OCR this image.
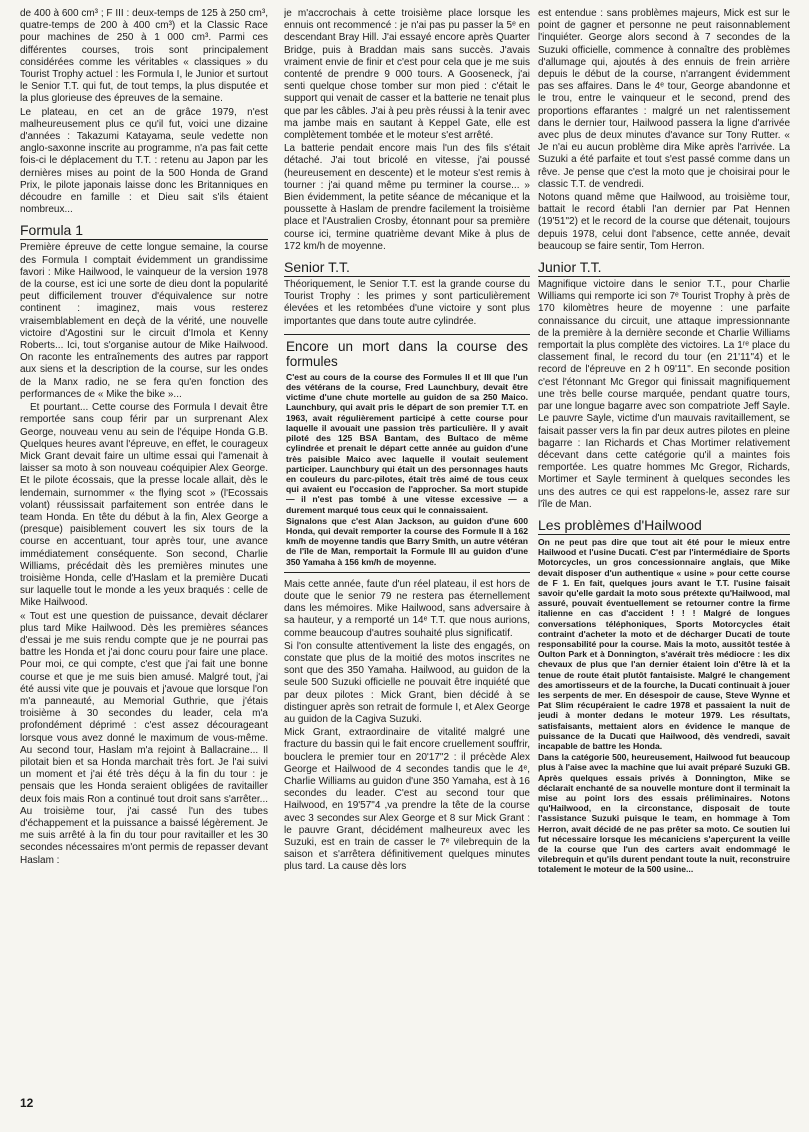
de 400 à 600 cm³ ; F III : deux-temps de 125 à 250 cm³, quatre-temps de 200 à 400 cm³) et la Classic Race pour machines de 250 à 1 000 cm³. Parmi ces différentes courses, trois sont principalement considérées comme les véritables « classiques » du Tourist Trophy actuel : les Formula I, le Junior et surtout le Senior T.T. qui fut, de tout temps, la plus disputée et la plus glorieuse des épreuves de la semaine.

Le plateau, en cet an de grâce 1979, n'est malheureusement plus ce qu'il fut, voici une dizaine d'années : Takazumi Katayama, seule vedette non anglo-saxonne inscrite au programme, n'a pas fait cette fois-ci le déplacement du T.T. : retenu au Japon par les dernières mises au point de la 500 Honda de Grand Prix, le pilote japonais laisse donc les Britanniques en découdre en famille : et Dieu sait s'ils étaient nombreux...

Formula 1

Première épreuve de cette longue semaine, la course des Formula I comptait évidemment un grandissime favori : Mike Hailwood, le vainqueur de la version 1978 de la course, est ici une sorte de dieu dont la popularité peut difficilement trouver d'équivalence sur notre continent : imaginez, mais vous resterez vraisemblablement en deçà de la vérité, une nouvelle victoire d'Agostini sur le circuit d'Imola et Kenny Roberts... Ici, tout s'organise autour de Mike Hailwood. On raconte les entraînements des autres par rapport aux siens et la description de la course, sur les ondes de la Manx radio, ne se fera qu'en fonction des performances de « Mike the bike »...

Et pourtant... Cette course des Formula I devait être remportée sans coup férir par un surprenant Alex George, nouveau venu au sein de l'équipe Honda G.B. Quelques heures avant l'épreuve, en effet, le courageux Mick Grant devait faire un ultime essai qui l'amenait à laisser sa moto à son nouveau coéquipier Alex George. Et le pilote écossais, que la presse locale allait, dès le lendemain, surnommer « the flying scot » (l'Ecossais volant) réussissait parfaitement son entrée dans le team Honda. En tête du début à la fin, Alex George a (presque) paisiblement couvert les six tours de la course en accentuant, tour après tour, une avance immédiatement conséquente. Son second, Charlie Williams, précédait dès les premières minutes une troisième Honda, celle d'Haslam et la première Ducati sur laquelle tout le monde a les yeux braqués : celle de Mike Hailwood.

« Tout est une question de puissance, devait déclarer plus tard Mike Hailwood. Dès les premières séances d'essai je me suis rendu compte que je ne pourrai pas battre les Honda et j'ai donc couru pour faire une place. Pour moi, ce qui compte, c'est que j'ai fait une bonne course et que je me suis bien amusé. Malgré tout, j'ai été aussi vite que je pouvais et j'avoue que lorsque l'on m'a panneauté, au Memorial Guthrie, que j'étais troisième à 30 secondes du leader, cela m'a profondément déprimé : c'est assez décourageant lorsque vous avez donné le maximum de vous-même. Au second tour, Haslam m'a rejoint à Ballacraine... Il pilotait bien et sa Honda marchait très fort. Je l'ai suivi un moment et j'ai été très déçu à la fin du tour : je pensais que les Honda seraient obligées de ravitailler deux fois mais Ron a continué tout droit sans s'arrêter... Au troisième tour, j'ai cassé l'un des tubes d'échappement et la puissance a baissé légèrement. Je me suis arrêté à la fin du tour pour ravitailler et les 30 secondes nécessaires m'ont permis de repasser devant Haslam :

je m'accrochais à cette troisième place lorsque les ennuis ont recommencé : je n'ai pas pu passer la 5ᵉ en descendant Bray Hill. J'ai essayé encore après Quarter Bridge, puis à Braddan mais sans succès. J'avais vraiment envie de finir et c'est pour cela que je me suis contenté de prendre 9 000 tours. A Gooseneck, j'ai senti quelque chose tomber sur mon pied : c'était le support qui venait de casser et la batterie ne tenait plus que par les câbles. J'ai à peu près réussi à la tenir avec ma jambe mais en sautant à Keppel Gate, elle est complètement tombée et le moteur s'est arrêté.

La batterie pendait encore mais l'un des fils s'était détaché. J'ai tout bricolé en vitesse, j'ai poussé (heureusement en descente) et le moteur s'est remis à tourner : j'ai quand même pu terminer la course... » Bien évidemment, la petite séance de mécanique et la poussette à Haslam de prendre facilement la troisième place et l'Australien Crosby, étonnant pour sa première course ici, termine quatrième devant Mike à plus de 172 km/h de moyenne.

Senior T.T.

Théoriquement, le Senior T.T. est la grande course du Tourist Trophy : les primes y sont particulièrement élevées et les retombées d'une victoire y sont plus importantes que dans toute autre cylindrée.

Encore un mort dans la course des formules

C'est au cours de la course des Formules II et III que l'un des vétérans de la course, Fred Launchbury, devait être victime d'une chute mortelle au guidon de sa 250 Maico. Launchbury, qui avait pris le départ de son premier T.T. en 1963, avait régulièrement participé à cette course pour laquelle il avouait une passion très particulière. Il y avait piloté des 125 BSA Bantam, des Bultaco de même cylindrée et prenait le départ cette année au guidon d'une très paisible Maico avec laquelle il voulait seulement participer. Launchbury qui était un des personnages hauts en couleurs du parc-pilotes, était très aimé de tous ceux qui avaient eu l'occasion de l'approcher. Sa mort stupide — il n'est pas tombé à une vitesse excessive — a durement marqué tous ceux qui le connaissaient.

Signalons que c'est Alan Jackson, au guidon d'une 600 Honda, qui devait remporter la course des Formule II à 162 km/h de moyenne tandis que Barry Smith, un autre vétéran de l'île de Man, remportait la Formule III au guidon d'une 350 Yamaha à 156 km/h de moyenne.

Mais cette année, faute d'un réel plateau, il est hors de doute que le senior 79 ne restera pas éternellement dans les mémoires. Mike Hailwood, sans adversaire à sa hauteur, y a remporté un 14ᵉ T.T. que nous aurions, comme beaucoup d'autres souhaité plus significatif.

Si l'on consulte attentivement la liste des engagés, on constate que plus de la moitié des motos inscrites ne sont que des 350 Yamaha. Hailwood, au guidon de la seule 500 Suzuki officielle ne pouvait être inquiété que par deux pilotes : Mick Grant, bien décidé à se distinguer après son retrait de formule I, et Alex George au guidon de la Cagiva Suzuki.

Mick Grant, extraordinaire de vitalité malgré une fracture du bassin qui le fait encore cruellement souffrir, bouclera le premier tour en 20'17"2 : il précède Alex George et Hailwood de 4 secondes tandis que le 4ᵉ, Charlie Williams au guidon d'une 350 Yamaha, est à 16 secondes du leader. C'est au second tour que Hailwood, en 19'57"4 ,va prendre la tête de la course avec 3 secondes sur Alex George et 8 sur Mick Grant : le pauvre Grant, décidément malheureux avec les Suzuki, est en train de casser le 7ᵉ vilebrequin de la saison et s'arrêtera définitivement quelques minutes plus tard. La cause dès lors

est entendue : sans problèmes majeurs, Mick est sur le point de gagner et personne ne peut raisonnablement l'inquiéter. George alors second à 7 secondes de la Suzuki officielle, commence à connaître des problèmes d'allumage qui, ajoutés à des ennuis de frein arrière depuis le début de la course, n'arrangent évidemment pas ses affaires. Dans le 4ᵉ tour, George abandonne et le trou, entre le vainqueur et le second, prend des proportions effarantes : malgré un net ralentissement dans le dernier tour, Hailwood passera la ligne d'arrivée avec plus de deux minutes d'avance sur Tony Rutter. « Je n'ai eu aucun problème dira Mike après l'arrivée. La Suzuki a été parfaite et tout s'est passé comme dans un rêve. Je pense que c'est la moto que je choisirai pour le classic T.T. de vendredi.

Notons quand même que Hailwood, au troisième tour, battait le record établi l'an dernier par Pat Hennen (19'51"2) et le record de la course que détenait, toujours depuis 1978, celui dont l'absence, cette année, devait beaucoup se faire sentir, Tom Herron.

Junior T.T.

Magnifique victoire dans le senior T.T., pour Charlie Williams qui remporte ici son 7ᵉ Tourist Trophy à près de 170 kilomètres heure de moyenne : une parfaite connaissance du circuit, une attaque impressionnante de la première à la dernière seconde et Charlie Williams remportait la plus complète des victoires. La 1ʳᵉ place du classement final, le record du tour (en 21'11"4) et le record de l'épreuve en 2 h 09'11". En seconde position c'est l'étonnant Mc Gregor qui finissait magnifiquement une très belle course marquée, pendant quatre tours, par une longue bagarre avec son compatriote Jeff Sayle. Le pauvre Sayle, victime d'un mauvais ravitaillement, se faisait passer vers la fin par deux autres pilotes en pleine bagarre : Ian Richards et Chas Mortimer relativement décevant dans cette catégorie qu'il a maintes fois remportée. Les quatre hommes Mc Gregor, Richards, Mortimer et Sayle terminent à quelques secondes les uns des autres ce qui est rappelons-le, assez rare sur l'île de Man.

Les problèmes d'Hailwood

On ne peut pas dire que tout ait été pour le mieux entre Hailwood et l'usine Ducati. C'est par l'intermédiaire de Sports Motorcycles, un gros concessionnaire anglais, que Mike devait disposer d'un authentique « usine » pour cette course de F 1. En fait, quelques jours avant le T.T. l'usine faisait savoir qu'elle gardait la moto sous prétexte qu'Hailwood, mal assuré, pouvait éventuellement se retourner contre la firme italienne en cas d'accident ! ! ! Malgré de longues conversations téléphoniques, Sports Motorcycles était contraint d'acheter la moto et de décharger Ducati de toute responsabilité pour la course. Mais la moto, aussitôt testée à Oulton Park et à Donnington, s'avérait très médiocre : les dix chevaux de plus que l'an dernier étaient loin d'être là et la tenue de route était plutôt fantaisiste. Malgré le changement des amortisseurs et de la fourche, la Ducati continuait à jouer les serpents de mer. En désespoir de cause, Steve Wynne et Pat Slim récupéraient le cadre 1978 et passaient la nuit de jeudi à monter dedans le moteur 1979. Les résultats, satisfaisants, mettaient alors en évidence le manque de puissance de la Ducati que Hailwood, dès vendredi, savait incapable de battre les Honda.

Dans la catégorie 500, heureusement, Hailwood fut beaucoup plus à l'aise avec la machine que lui avait préparé Suzuki GB. Après quelques essais privés à Donnington, Mike se déclarait enchanté de sa nouvelle monture dont il terminait la mise au point lors des essais préliminaires. Notons qu'Hailwood, en la circonstance, disposait de toute l'assistance Suzuki puisque le team, en hommage à Tom Herron, avait décidé de ne pas prêter sa moto. Ce soutien lui fut nécessaire lorsque les mécaniciens s'aperçurent la veille de la course que l'un des carters avait endommagé le vilebrequin et qu'ils durent pendant toute la nuit, reconstruire totalement le moteur de la 500 usine...

12
